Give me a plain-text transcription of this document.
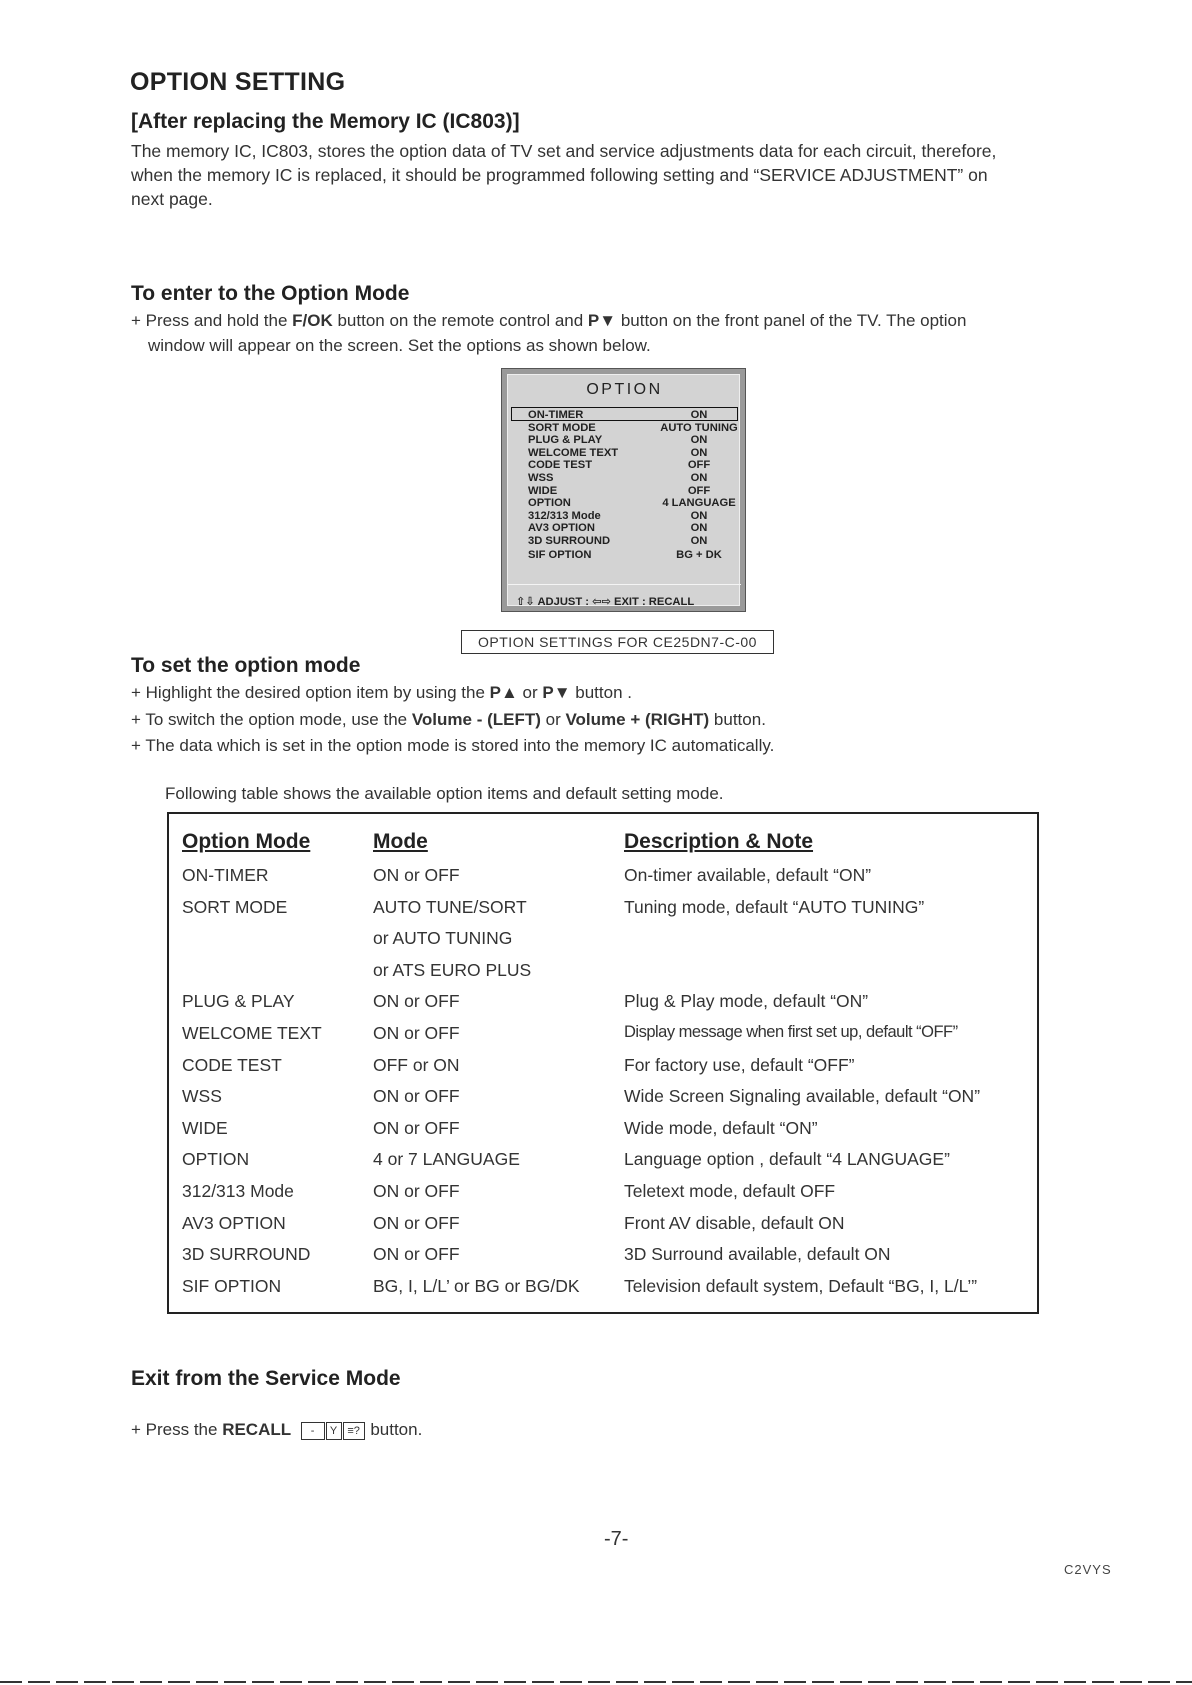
OPTION SETTING
[After replacing the Memory IC (IC803)]
The memory IC, IC803, stores the option data of TV set and service adjustments data for each circuit, therefore,
when the memory IC is replaced, it should be programmed following setting and “SERVICE ADJUSTMENT” on
next page.
To enter to the Option Mode
+ Press and hold the F/OK button on the remote control and P▼ button on the front panel of the TV. The option
window will appear on the screen. Set the options as shown below.
OPTION
ON-TIMER	ON
SORT MODE	AUTO TUNING
PLUG & PLAY	ON
WELCOME TEXT	ON
CODE TEST	OFF
WSS	ON
WIDE	OFF
OPTION	4 LANGUAGE
312/313 Mode	ON
AV3 OPTION	ON
3D SURROUND	ON
SIF OPTION	BG + DK
⇧⇩ ADJUST : ⇦⇨ EXIT : RECALL
OPTION SETTINGS FOR CE25DN7-C-00
To set the option mode
+ Highlight the desired option item by using the P▲ or P▼ button .
+ To switch the option mode, use the Volume - (LEFT) or Volume + (RIGHT) button.
+ The data which is set in the option mode is stored into the memory IC automatically.
Following table shows the available option items and default setting mode.
Option Mode	Mode	Description & Note
ON-TIMER	ON or OFF	On-timer available, default “ON”
SORT MODE	AUTO TUNE/SORT	Tuning mode, default “AUTO TUNING”
or AUTO TUNING
or ATS EURO PLUS
PLUG & PLAY	ON or OFF	Plug & Play mode, default “ON”
WELCOME TEXT	ON or OFF	Display message when first set up, default “OFF”
CODE TEST	OFF or ON	For factory use, default “OFF”
WSS	ON or OFF	Wide Screen Signaling available, default “ON”
WIDE	ON or OFF	Wide mode, default “ON”
OPTION	4 or 7 LANGUAGE	Language option , default “4 LANGUAGE”
312/313 Mode	ON or OFF	Teletext mode, default OFF
AV3 OPTION	ON or OFF	Front AV disable, default ON
3D SURROUND	ON or OFF	3D Surround available, default ON
SIF OPTION	BG, I, L/L’ or BG or BG/DK	Television default system, Default “BG, I, L/L’”
Exit from the Service Mode
+ Press the RECALL - Y ≡? button.
-7-
C2VYS
